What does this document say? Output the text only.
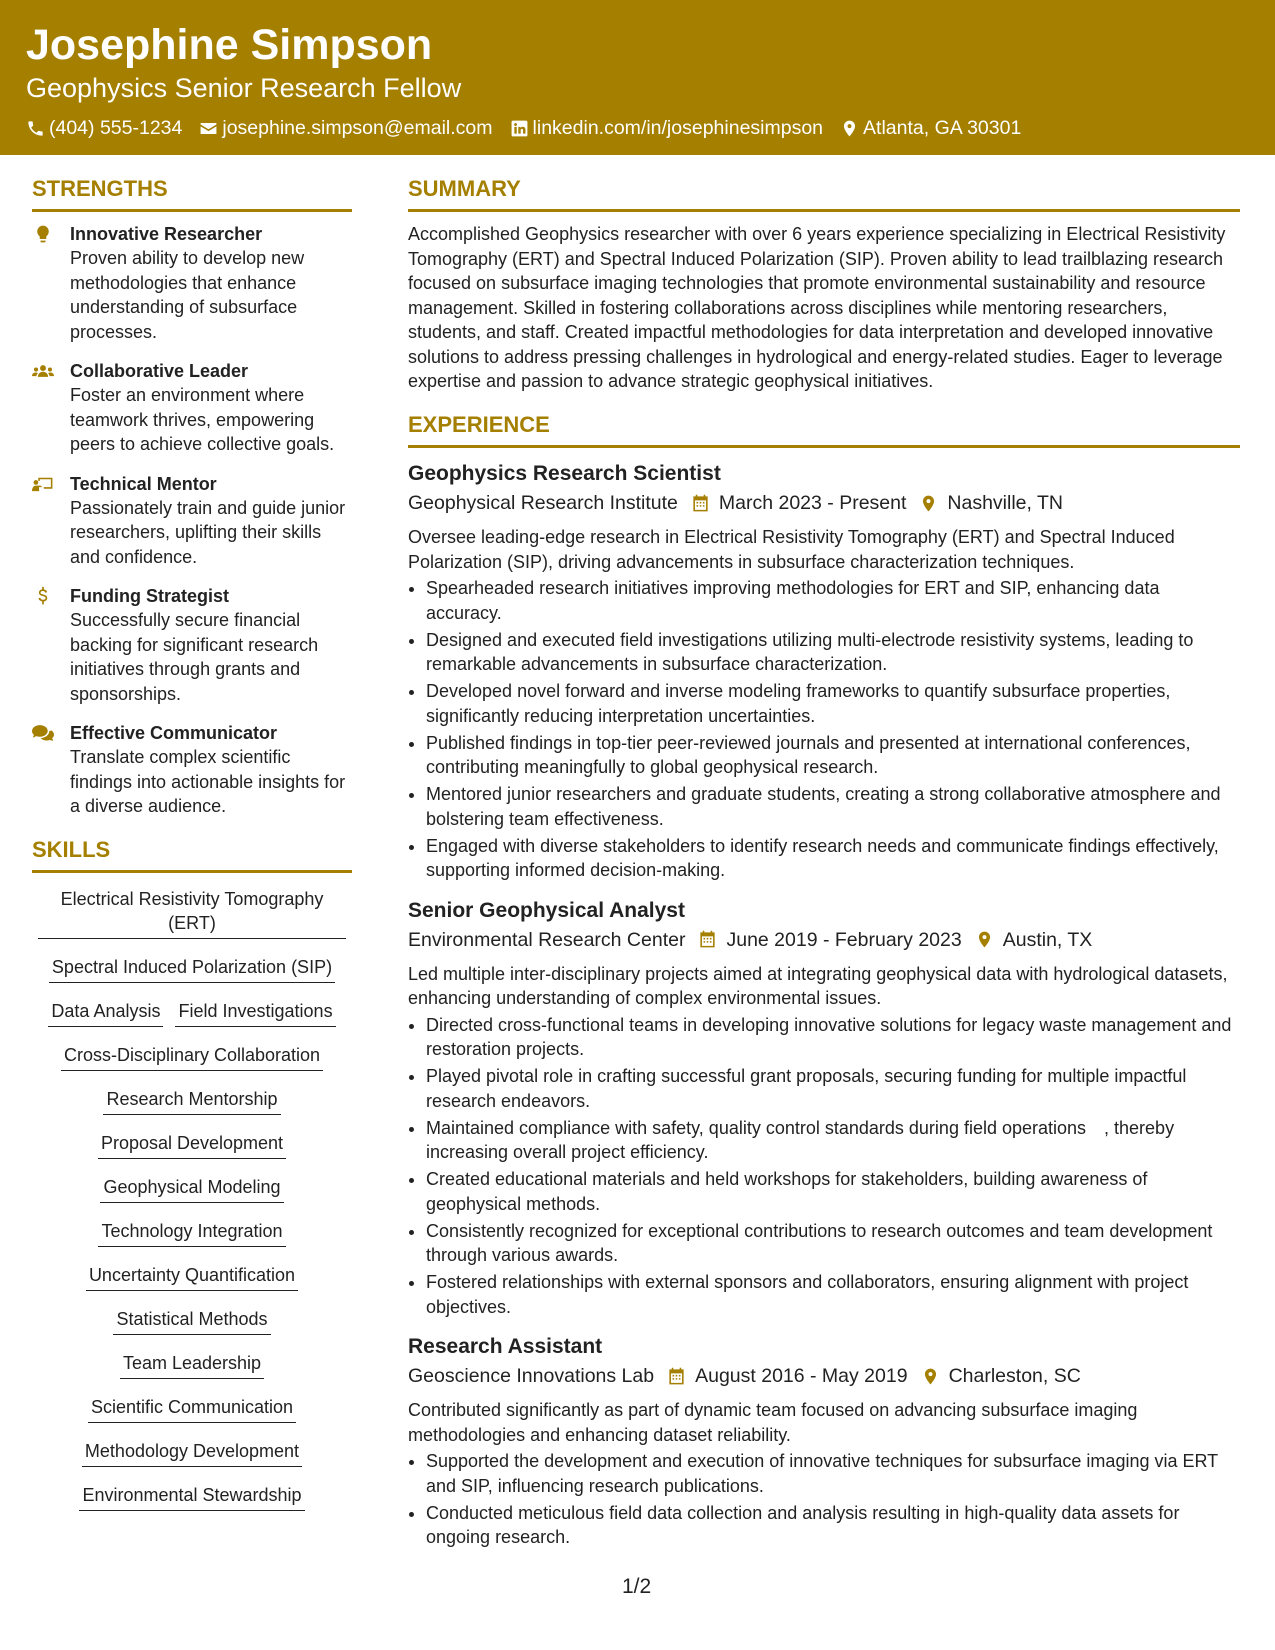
Josephine Simpson
Geophysics Senior Research Fellow
(404) 555-1234 josephine.simpson@email.com linkedin.com/in/josephinesimpson Atlanta, GA 30301
STRENGTHS
Innovative Researcher
Proven ability to develop new methodologies that enhance understanding of subsurface processes.
Collaborative Leader
Foster an environment where teamwork thrives, empowering peers to achieve collective goals.
Technical Mentor
Passionately train and guide junior researchers, uplifting their skills and confidence.
Funding Strategist
Successfully secure financial backing for significant research initiatives through grants and sponsorships.
Effective Communicator
Translate complex scientific findings into actionable insights for a diverse audience.
SKILLS
Electrical Resistivity Tomography (ERT)
Spectral Induced Polarization (SIP)
Data Analysis Field Investigations
Cross-Disciplinary Collaboration
Research Mentorship
Proposal Development
Geophysical Modeling
Technology Integration
Uncertainty Quantification
Statistical Methods
Team Leadership
Scientific Communication
Methodology Development
Environmental Stewardship
SUMMARY
Accomplished Geophysics researcher with over 6 years experience specializing in Electrical Resistivity Tomography (ERT) and Spectral Induced Polarization (SIP). Proven ability to lead trailblazing research focused on subsurface imaging technologies that promote environmental sustainability and resource management. Skilled in fostering collaborations across disciplines while mentoring researchers, students, and staff. Created impactful methodologies for data interpretation and developed innovative solutions to address pressing challenges in hydrological and energy-related studies. Eager to leverage expertise and passion to advance strategic geophysical initiatives.
EXPERIENCE
Geophysics Research Scientist
Geophysical Research Institute March 2023 - Present Nashville, TN
Oversee leading-edge research in Electrical Resistivity Tomography (ERT) and Spectral Induced Polarization (SIP), driving advancements in subsurface characterization techniques.
• Spearheaded research initiatives improving methodologies for ERT and SIP, enhancing data accuracy.
• Designed and executed field investigations utilizing multi-electrode resistivity systems, leading to remarkable advancements in subsurface characterization.
• Developed novel forward and inverse modeling frameworks to quantify subsurface properties, significantly reducing interpretation uncertainties.
• Published findings in top-tier peer-reviewed journals and presented at international conferences, contributing meaningfully to global geophysical research.
• Mentored junior researchers and graduate students, creating a strong collaborative atmosphere and bolstering team effectiveness.
• Engaged with diverse stakeholders to identify research needs and communicate findings effectively, supporting informed decision-making.
Senior Geophysical Analyst
Environmental Research Center June 2019 - February 2023 Austin, TX
Led multiple inter-disciplinary projects aimed at integrating geophysical data with hydrological datasets, enhancing understanding of complex environmental issues.
• Directed cross-functional teams in developing innovative solutions for legacy waste management and restoration projects.
• Played pivotal role in crafting successful grant proposals, securing funding for multiple impactful research endeavors.
• Maintained compliance with safety, quality control standards during field operations　, thereby increasing overall project efficiency.
• Created educational materials and held workshops for stakeholders, building awareness of geophysical methods.
• Consistently recognized for exceptional contributions to research outcomes and team development through various awards.
• Fostered relationships with external sponsors and collaborators, ensuring alignment with project objectives.
Research Assistant
Geoscience Innovations Lab August 2016 - May 2019 Charleston, SC
Contributed significantly as part of dynamic team focused on advancing subsurface imaging methodologies and enhancing dataset reliability.
• Supported the development and execution of innovative techniques for subsurface imaging via ERT and SIP, influencing research publications.
• Conducted meticulous field data collection and analysis resulting in high-quality data assets for ongoing research.
1/2
